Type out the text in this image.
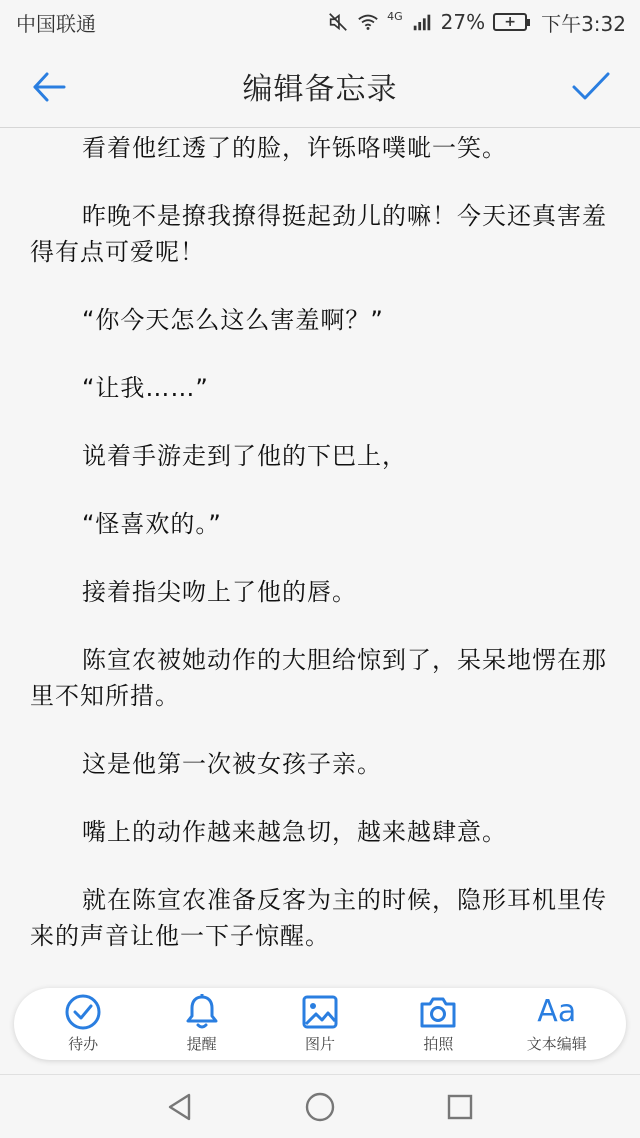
中国联通	4G 27% + 下午3:32
编辑备忘录

看着他红透了的脸，许铄咯噗呲一笑。

昨晚不是撩我撩得挺起劲儿的嘛！今天还真害羞得有点可爱呢！

“你今天怎么这么害羞啊？”

“让我……”

说着手游走到了他的下巴上，

“怪喜欢的。”

接着指尖吻上了他的唇。

陈宣农被她动作的大胆给惊到了，呆呆地愣在那里不知所措。

这是他第一次被女孩子亲。

嘴上的动作越来越急切，越来越肆意。

就在陈宣农准备反客为主的时候，隐形耳机里传来的声音让他一下子惊醒。

待办	提醒	图片	拍照
Aa
文本编辑
